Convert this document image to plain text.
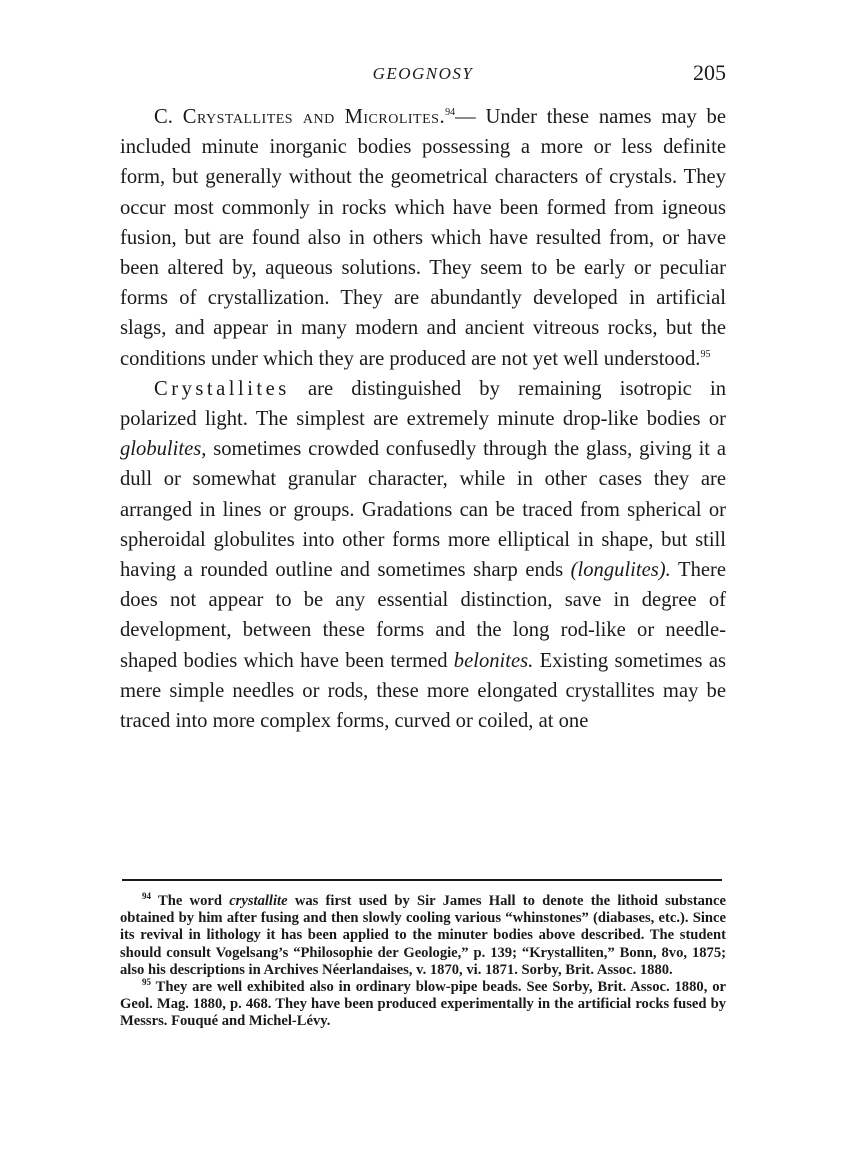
GEOGNOSY	205

C. Crystallites and Microlites.$^{94}$— Under these names may be included minute inorganic bodies possessing a more or less definite form, but generally without the geometrical characters of crystals. They occur most commonly in rocks which have been formed from igneous fusion, but are found also in others which have resulted from, or have been altered by, aqueous solutions. They seem to be early or peculiar forms of crystallization. They are abundantly developed in artificial slags, and appear in many modern and ancient vitreous rocks, but the conditions under which they are produced are not yet well understood.$^{95}$

Crystallites are distinguished by remaining isotropic in polarized light. The simplest are extremely minute drop-like bodies or globulites, sometimes crowded confusedly through the glass, giving it a dull or somewhat granular character, while in other cases they are arranged in lines or groups. Gradations can be traced from spherical or spheroidal globulites into other forms more elliptical in shape, but still having a rounded outline and sometimes sharp ends (longulites). There does not appear to be any essential distinction, save in degree of development, between these forms and the long rod-like or needle-shaped bodies which have been termed belonites. Existing sometimes as mere simple needles or rods, these more elongated crystallites may be traced into more complex forms, curved or coiled, at one

$^{94}$ The word crystallite was first used by Sir James Hall to denote the lithoid substance obtained by him after fusing and then slowly cooling various “whinstones” (diabases, etc.). Since its revival in lithology it has been applied to the minuter bodies above described. The student should consult Vogelsang’s “Philosophie der Geologie,” p. 139; “Krystalliten,” Bonn, 8vo, 1875; also his descriptions in Archives Néerlandaises, v. 1870, vi. 1871. Sorby, Brit. Assoc. 1880.

$^{95}$ They are well exhibited also in ordinary blow-pipe beads. See Sorby, Brit. Assoc. 1880, or Geol. Mag. 1880, p. 468. They have been produced experimentally in the artificial rocks fused by Messrs. Fouqué and Michel-Lévy.
